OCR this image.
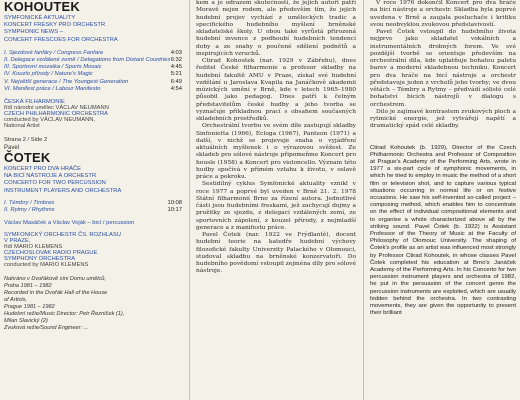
KOHOUTEK
SYMFONICKÉ AKTUALITY
KONCERT FRESKY PRO ORCHESTR
SYMPHONIC NEWS –
CONCERT FRESCOES FOR ORCHESTRA
I. Sjezdové fanfáry / Congress Fanfare	4:03
II. Delegace vzdálené země / Delegations from Distant Countries 6:32
III. Sportovní mozaika / Sports Mosaic	4:45
IV. Kouzlo přírody / Nature's Magic	5:21
V. Největší generace / The Youngest Generation	6:49
VI. Manifest práce / Labour Manifesto	4:54
ČESKÁ FILHARMONIE
řídí národní umělec VÁCLAV NEUMANN
CZECH PHILHARMONIC ORCHESTRA
conducted by VÁCLAV NEUMANN,
National Artist
Strana 2 / Side 2
Pavel
ČOTEK
KONCERT PRO DVA HRÁČE
NA BICÍ NÁSTROJE A ORCHESTR
CONCERTO FOR TWO PERCUSSION
INSTRUMENT PLAYERS AND ORCHESTRA
I. Témbry / Timbres	10:08
II. Rytmy / Rhythms	10:17
Václav Masáček a Václav Voják – bicí / percussion
SYMFONICKÝ ORCHESTR ČS. ROZHLASU
V PRAZE,
řídí MARIO KLEMENS
CZECHOSLOVAK RADIO PRAGUE
SYMPHONY ORCHESTRA
conducted by MARIO KLEMENS
Nahráno v Dvořákově síni Domu umělců,
Praha 1981 – 1982
Recorded in the Dvořák Hall of the House
of Artists,
Prague 1981 – 1982
Hudební režie/Music Director: Petr Řezníček (1),
Milan Slavický (2)
Zvuková režie/Sound Engineer: ...

kem a je odrazem skutečnosti, že jejich autoři patří Moravě nejen rodem, ale především tím, že jejich hudební projev vychází z uměleckých tradic a specifického hudebního myšlení brněnské skladatelské školy. U obou také vyrůstá přirozená hudební invence z podhoubí hudebních tendencí doby a ze snahy o poučené sdělení podnětů a inspirujících vzruchů.

Ctirad Kohoutek (nar. 1929 v Zábřehu), dnes ředitel České filharmonie a profesor skladby na hudební fakultě AMU v Praze, získal své hudební vzdělání u Jaroslava Kvapila na Janáčkově akademii múzických umění v Brně, kde v letech 1965–1980 působil jako pedagog. Dnes patří k čelným představitelům české hudby a jeho tvorba se vyznačuje příkladnou prací s obsahem současných skladebních prostředků.

Orchestrální tvorbu ve svém díle zastupují skladby Sinfonietta (1966), Ecloga (1967), Panteon (1971) a další, v nichž se projevuje snaha o vyjádření aktuálních myšlenek i o výrazovou svěžest. Ze skladeb pro sólové nástroje připomeňme Koncert pro housle (1958) a Koncert pro violoncello. Význam této hudby spočívá v přímém vztahu k životu, v oslavě práce a pokroku.

Sestidílný cyklus Symfonické aktuality vznikl v roce 1977 a poprvé byl uveden v Brně 21. 2. 1978 Státní filharmonií Brno za řízení autora. Jednotlivé části jsou hudebními freskami, jež zachycují dojmy a prožitky ze sjezdu, z delegací vzdálených zemí, ze sportovních zápolení, z kouzel přírody, z nejmladší generace a z manifestu práce.

Pavel Čotek (nar. 1922 ve Frýdlantě), docent hudební teorie na katedře hudební výchovy filozofické fakulty Univerzity Palackého v Olomouci, studoval skladbu na brněnské konzervatoři. Do hudebního povědomí vstoupil zejména díly pro sólové nástroje.

V roce 1976 dokončil Koncert pro dva hráče na bicí nástroje a orchestr. Skladba byla poprvé uvedena v Brně a zaujala posluchače i kritiku svou neobvyklou zvukovou představivostí.

Pavel Čotek vstoupil do hudebního života nejprve jako skladatel vokálních a instrumentálních drobných forem. Ve své pozdější tvorbě se orientuje především na orchestrální díla, kde uplatňuje bohatou paletu barev a moderní skladebnou techniku. Koncert pro dva hráče na bicí nástroje a orchestr představuje jeden z vrcholů jeho tvorby; ve dvou větách – Témbry a Rytmy – předvádí sólisté celé bohatství bicích nástrojů v dialogu s orchestrem.

Dílo je zajímavé kontrastem zvukových ploch a rytmické energie, jež vytvářejí napětí a dramatický spád celé skladby.

Ctirad Kohoutek (b. 1929), Director of the Czech Philharmonic Orchestra and Professor of Composition at Prague's Academy of the Performing Arts, wrote in 1977 a six-part cycle of symphonic movements, in which he tried to employ in music the method of a short film or television shot, and to capture various typical situations occurring in normal life or on festive occasions. He saw his self-invented so-called project – composing method, which enables him to concentrate on the effect of individual compositional elements and to organise a whole characterized above all by the striking sound. Pavel Čotek (b. 1922) is Assistant Professor of the Theory of Music at the Faculty of Philosophy of Olomouc University. The shaping of Čotek's profile as an artist was influenced most strongly by Professor Ctirad Kohoutek, in whose classes Pavel Čotek completed his education at Brno's Janáček Academy of the Performing Arts. In his Concerto for two percussion instrument players and orchestra of 1982, he put in the persuasion of the concert genre the percussion instruments are exploited, which are usually hidden behind the orchestra. In two contrasting movements, they are given the opportunity to present their brilliant
